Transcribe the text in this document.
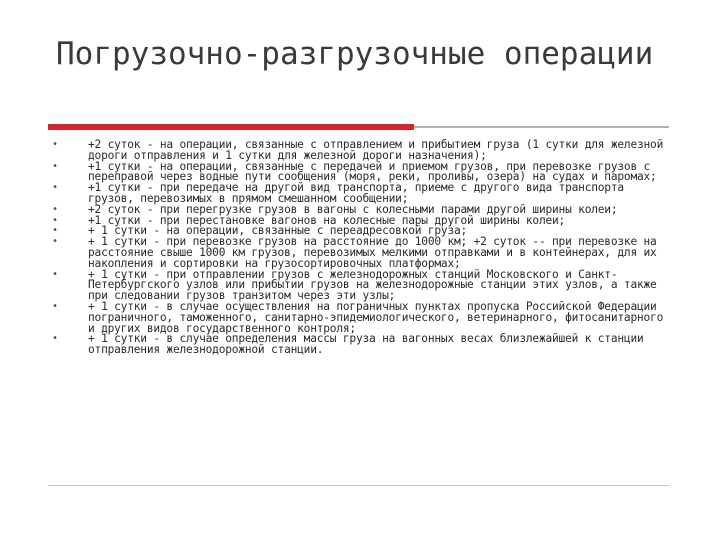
Погрузочно-разгрузочные операции
•	+2 суток - на операции, связанные с отправлением и прибытием груза (1 сутки для железной дороги отправления и 1 сутки для железной дороги назначения);
•	+1 сутки - на операции, связанные с передачей и приемом грузов, при перевозке грузов с переправой через водные пути сообщения (моря, реки, проливы, озера) на судах и паромах;
•	+1 сутки - при передаче на другой вид транспорта, приеме с другого вида транспорта грузов, перевозимых в прямом смешанном сообщении;
•	+2 суток - при перегрузке грузов в вагоны с колесными парами другой ширины колеи;
•	+1 сутки - при перестановке вагонов на колесные пары другой ширины колеи;
•	+ 1 сутки - на операции, связанные с переадресовкой груза;
•	+ 1 сутки - при перевозке грузов на расстояние до 1000 км; +2 суток -- при перевозке на расстояние свыше 1000 км грузов, перевозимых мелкими отправками и в контейнерах, для их накопления и сортировки на грузосортировочных платформах;
•	+ 1 сутки - при отправлении грузов с железнодорожных станций Московского и Санкт-Петербургского узлов или прибытии грузов на железнодорожные станции этих узлов, а также при следовании грузов транзитом через эти узлы;
•	+ 1 сутки - в случае осуществления на пограничных пунктах пропуска Российской Федерации пограничного, таможенного, санитарно-эпидемиологического, ветеринарного, фитосанитарного и других видов государственного контроля;
•	+ 1 сутки - в случае определения массы груза на вагонных весах близлежайшей к станции отправления железнодорожной станции.
